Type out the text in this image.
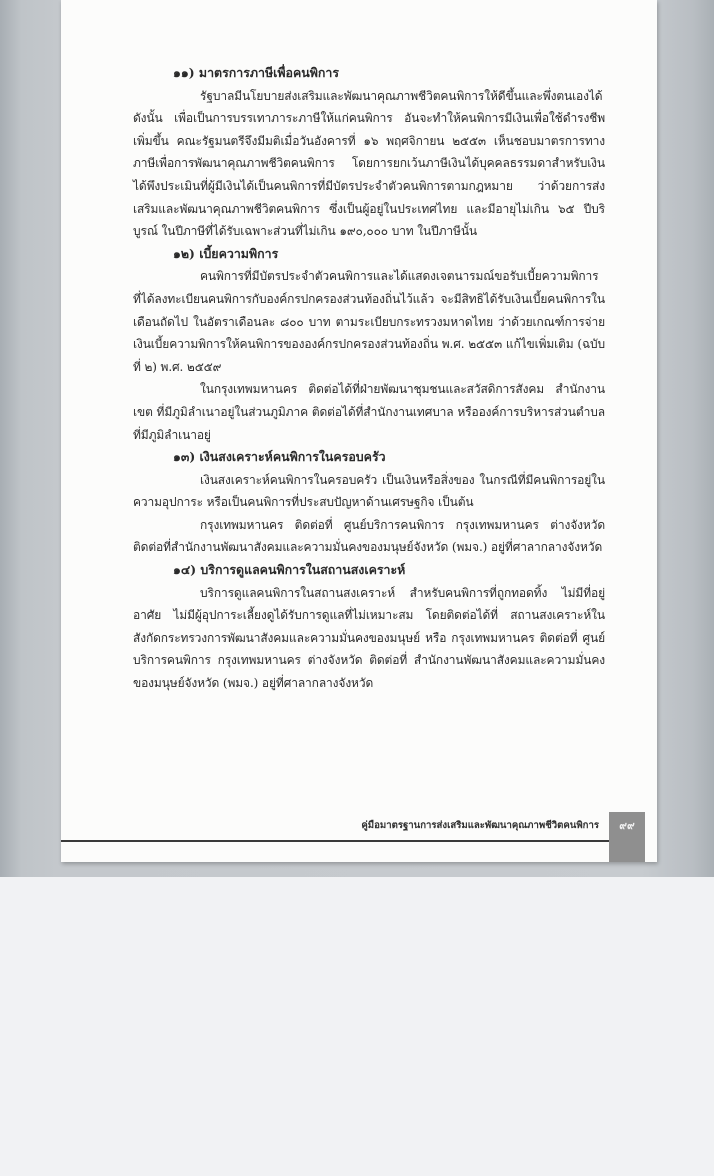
๑๑) มาตรการภาษีเพื่อคนพิการ
รัฐบาลมีนโยบายส่งเสริมและพัฒนาคุณภาพชีวิตคนพิการให้ดีขึ้นและพึ่งตนเองได้ ดังนั้น เพื่อเป็นการบรรเทาภาระภาษีให้แก่คนพิการ อันจะทำให้คนพิการมีเงินเพื่อใช้ดำรงชีพเพิ่มขึ้น คณะรัฐมนตรีจึงมีมติเมื่อวันอังคารที่ ๑๖ พฤศจิกายน ๒๕๕๓ เห็นชอบมาตรการทางภาษีเพื่อการพัฒนาคุณภาพชีวิตคนพิการ โดยการยกเว้นภาษีเงินได้บุคคลธรรมดาสำหรับเงินได้พึงประเมินที่ผู้มีเงินได้เป็นคนพิการที่มีบัตรประจำตัวคนพิการตามกฎหมาย ว่าด้วยการส่งเสริมและพัฒนาคุณภาพชีวิตคนพิการ ซึ่งเป็นผู้อยู่ในประเทศไทย และมีอายุไม่เกิน ๖๕ ปีบริบูรณ์ ในปีภาษีที่ได้รับเฉพาะส่วนที่ไม่เกิน ๑๙๐,๐๐๐ บาท ในปีภาษีนั้น
๑๒) เบี้ยความพิการ
คนพิการที่มีบัตรประจำตัวคนพิการและได้แสดงเจตนารมณ์ขอรับเบี้ยความพิการที่ได้ลงทะเบียนคนพิการกับองค์กรปกครองส่วนท้องถิ่นไว้แล้ว จะมีสิทธิได้รับเงินเบี้ยคนพิการในเดือนถัดไป ในอัตราเดือนละ ๘๐๐ บาท ตามระเบียบกระทรวงมหาดไทย ว่าด้วยเกณฑ์การจ่ายเงินเบี้ยความพิการให้คนพิการขององค์กรปกครองส่วนท้องถิ่น พ.ศ. ๒๕๕๓ แก้ไขเพิ่มเติม (ฉบับที่ ๒) พ.ศ. ๒๕๕๙
ในกรุงเทพมหานคร ติดต่อได้ที่ฝ่ายพัฒนาชุมชนและสวัสดิการสังคม สำนักงานเขต ที่มีภูมิลำเนาอยู่ในส่วนภูมิภาค ติดต่อได้ที่สำนักงานเทศบาล หรือองค์การบริหารส่วนตำบลที่มีภูมิลำเนาอยู่
๑๓) เงินสงเคราะห์คนพิการในครอบครัว
เงินสงเคราะห์คนพิการในครอบครัว เป็นเงินหรือสิ่งของ ในกรณีที่มีคนพิการอยู่ในความอุปการะ หรือเป็นคนพิการที่ประสบปัญหาด้านเศรษฐกิจ เป็นต้น
กรุงเทพมหานคร ติดต่อที่ ศูนย์บริการคนพิการ กรุงเทพมหานคร ต่างจังหวัด ติดต่อที่สำนักงานพัฒนาสังคมและความมั่นคงของมนุษย์จังหวัด (พมจ.) อยู่ที่ศาลากลางจังหวัด
๑๔) บริการดูแลคนพิการในสถานสงเคราะห์
บริการดูแลคนพิการในสถานสงเคราะห์ สำหรับคนพิการที่ถูกทอดทิ้ง ไม่มีที่อยู่อาศัย ไม่มีผู้อุปการะเลี้ยงดูได้รับการดูแลที่ไม่เหมาะสม โดยติดต่อได้ที่ สถานสงเคราะห์ในสังกัดกระทรวงการพัฒนาสังคมและความมั่นคงของมนุษย์ หรือ กรุงเทพมหานคร ติดต่อที่ ศูนย์บริการคนพิการ กรุงเทพมหานคร ต่างจังหวัด ติดต่อที่ สำนักงานพัฒนาสังคมและความมั่นคงของมนุษย์จังหวัด (พมจ.) อยู่ที่ศาลากลางจังหวัด
คู่มือมาตรฐานการส่งเสริมและพัฒนาคุณภาพชีวิตคนพิการ	๙๙
